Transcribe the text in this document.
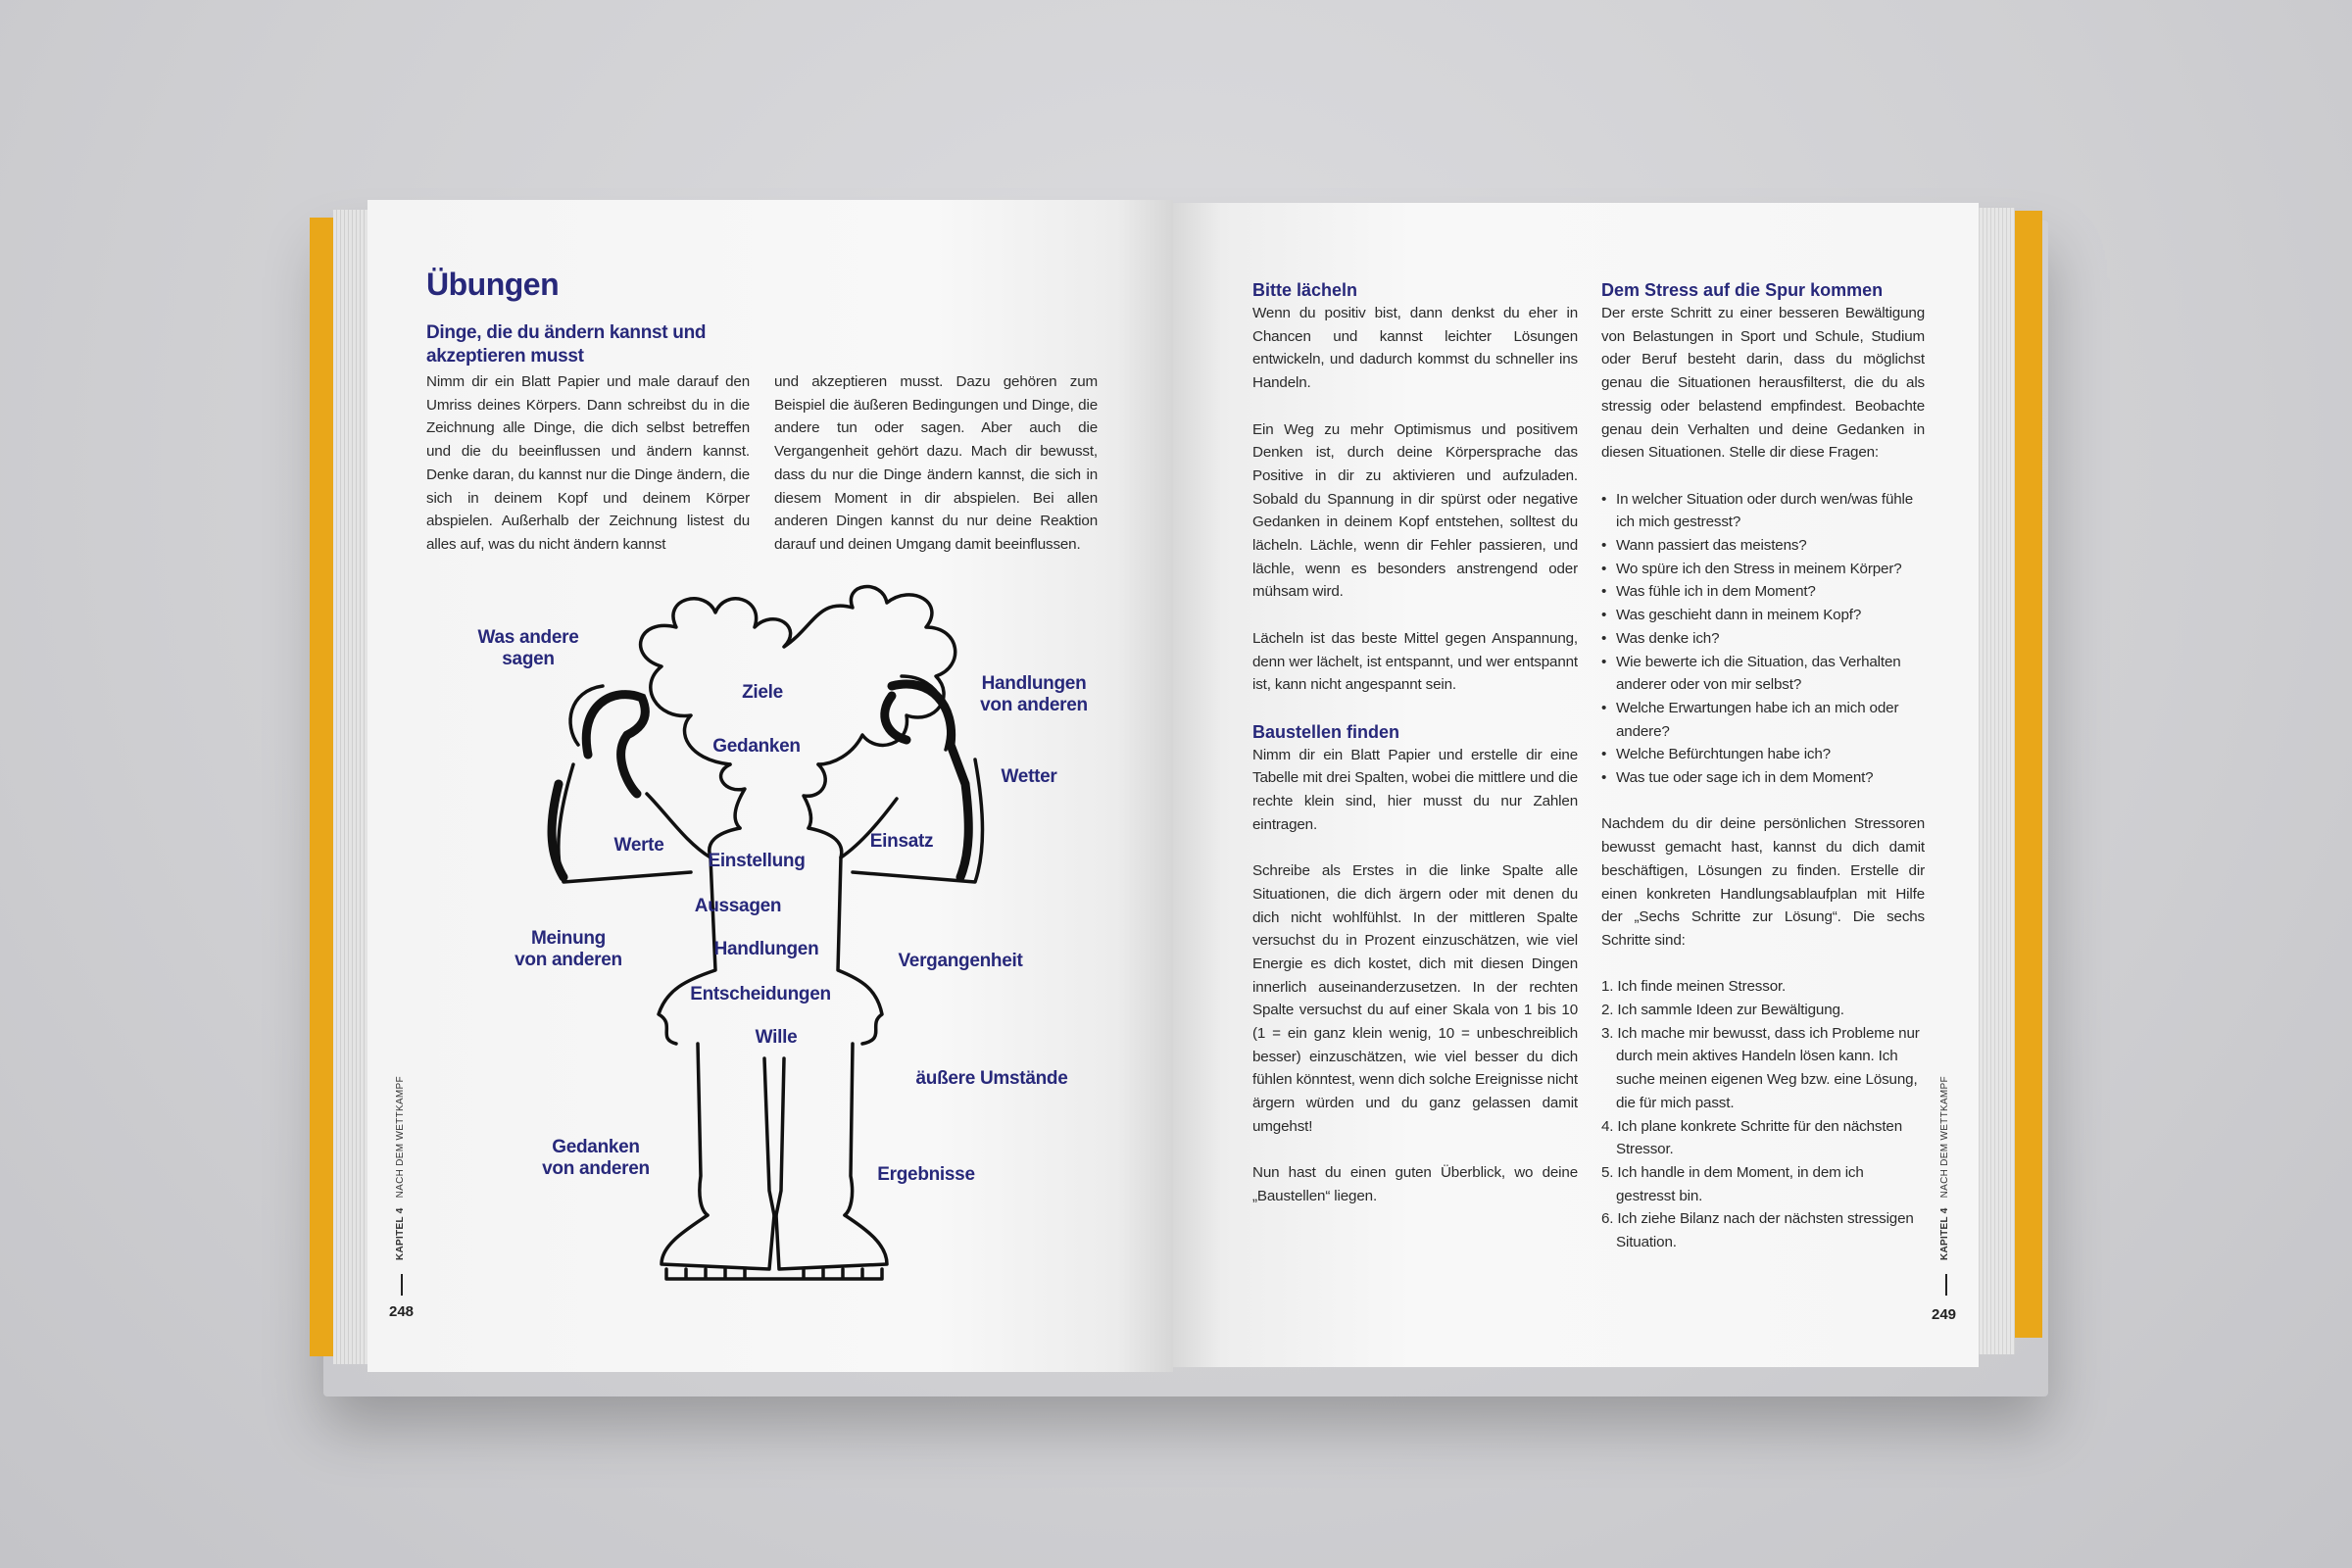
Übungen
Dinge, die du ändern kannst und akzeptieren musst
Nimm dir ein Blatt Papier und male darauf den Umriss deines Körpers. Dann schreibst du in die Zeichnung alle Dinge, die dich selbst betreffen und die du beeinflussen und ändern kannst. Denke daran, du kannst nur die Dinge ändern, die sich in deinem Kopf und deinem Körper abspielen. Außerhalb der Zeichnung listest du alles auf, was du nicht ändern kannst
und akzeptieren musst. Dazu gehören zum Beispiel die äußeren Bedingungen und Dinge, die andere tun oder sagen. Aber auch die Vergangenheit gehört dazu. Mach dir bewusst, dass du nur die Dinge ändern kannst, die sich in diesem Moment in dir abspielen. Bei allen anderen Dingen kannst du nur deine Reaktion darauf und deinen Umgang damit beeinflussen.
Was andere
sagen
Ziele
Gedanken
Handlungen
von anderen
Wetter
Werte
Einstellung
Einsatz
Aussagen
Meinung
von anderen
Handlungen
Vergangenheit
Entscheidungen
Wille
äußere Umstände
Gedanken
von anderen	Ergebnisse
KAPITEL 4NACH DEM WETTKAMPF
248
Bitte lächeln
Wenn du positiv bist, dann denkst du eher in Chancen und kannst leichter Lösungen entwickeln, und dadurch kommst du schneller ins Handeln.
Ein Weg zu mehr Optimismus und positivem Denken ist, durch deine Körpersprache das Positive in dir zu aktivieren und aufzuladen. Sobald du Spannung in dir spürst oder negative Gedanken in deinem Kopf entstehen, solltest du lächeln. Lächle, wenn dir Fehler passieren, und lächle, wenn es besonders anstrengend oder mühsam wird.
Lächeln ist das beste Mittel gegen Anspannung, denn wer lächelt, ist entspannt, und wer entspannt ist, kann nicht angespannt sein.
Baustellen finden
Nimm dir ein Blatt Papier und erstelle dir eine Tabelle mit drei Spalten, wobei die mittlere und die rechte klein sind, hier musst du nur Zahlen eintragen.
Schreibe als Erstes in die linke Spalte alle Situationen, die dich ärgern oder mit denen du dich nicht wohlfühlst. In der mittleren Spalte versuchst du in Prozent einzuschätzen, wie viel Energie es dich kostet, dich mit diesen Dingen innerlich auseinanderzusetzen. In der rechten Spalte versuchst du auf einer Skala von 1 bis 10 (1 = ein ganz klein wenig, 10 = unbeschreiblich besser) einzuschätzen, wie viel besser du dich fühlen könntest, wenn dich solche Ereignisse nicht ärgern würden und du ganz gelassen damit umgehst!
Nun hast du einen guten Überblick, wo deine „Baustellen“ liegen.
Dem Stress auf die Spur kommen
Der erste Schritt zu einer besseren Bewältigung von Belastungen in Sport und Schule, Studium oder Beruf besteht darin, dass du möglichst genau die Situationen herausfilterst, die du als stressig oder belastend empfindest. Beobachte genau dein Verhalten und deine Gedanken in diesen Situationen. Stelle dir diese Fragen:
• In welcher Situation oder durch wen/was fühle ich mich gestresst?
• Wann passiert das meistens?
• Wo spüre ich den Stress in meinem Körper?
• Was fühle ich in dem Moment?
• Was geschieht dann in meinem Kopf?
• Was denke ich?
• Wie bewerte ich die Situation, das Verhalten anderer oder von mir selbst?
• Welche Erwartungen habe ich an mich oder andere?
• Welche Befürchtungen habe ich?
• Was tue oder sage ich in dem Moment?
Nachdem du dir deine persönlichen Stressoren bewusst gemacht hast, kannst du dich damit beschäftigen, Lösungen zu finden. Erstelle dir einen konkreten Handlungsablaufplan mit Hilfe der „Sechs Schritte zur Lösung“. Die sechs Schritte sind:
1. Ich finde meinen Stressor.
2. Ich sammle Ideen zur Bewältigung.
3. Ich mache mir bewusst, dass ich Probleme nur durch mein aktives Handeln lösen kann. Ich suche meinen eigenen Weg bzw. eine Lösung, die für mich passt.
4. Ich plane konkrete Schritte für den nächsten Stressor.
5. Ich handle in dem Moment, in dem ich gestresst bin.
6. Ich ziehe Bilanz nach der nächsten stressigen Situation.	KAPITEL 4NACH DEM WETTKAMPF
249
